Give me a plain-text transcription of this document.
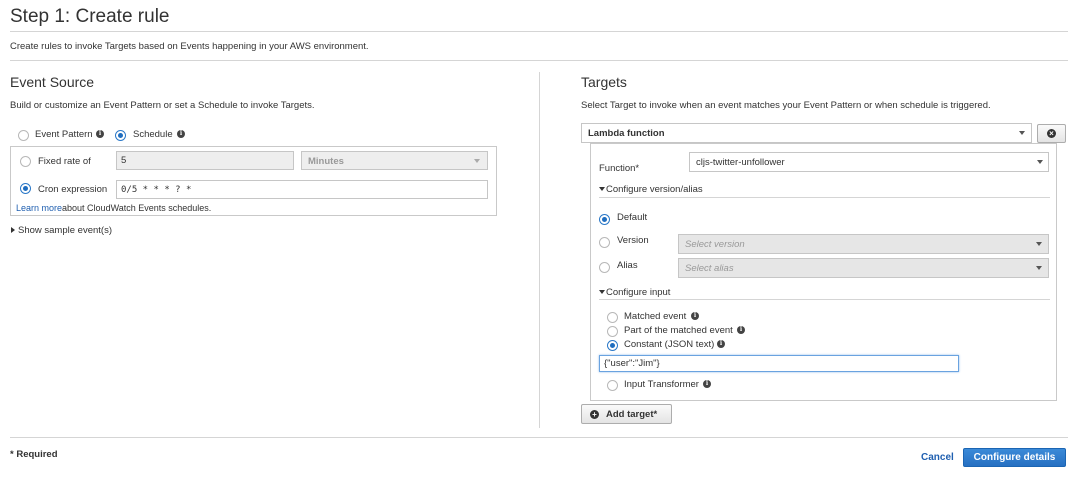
Step 1: Create rule
Create rules to invoke Targets based on Events happening in your AWS environment.
Event Source
Build or customize an Event Pattern or set a Schedule to invoke Targets.
Event Pattern	i	Schedule	i
Fixed rate of	5	Minutes
Cron expression	0/5 * * * ? *
Learn moreabout CloudWatch Events schedules.
Show sample event(s)
Targets
Select Target to invoke when an event matches your Event Pattern or when schedule is triggered.
Lambda function	×
Function*
cljs-twitter-unfollower
Configure version/alias
Default
Version	Select version
Alias	Select alias
Configure input
Matched event	i
Part of the matched event	i
Constant (JSON text) i
{"user":"Jim"}
Input Transformer	i
+ Add target*
* Required	Cancel	Configure details
